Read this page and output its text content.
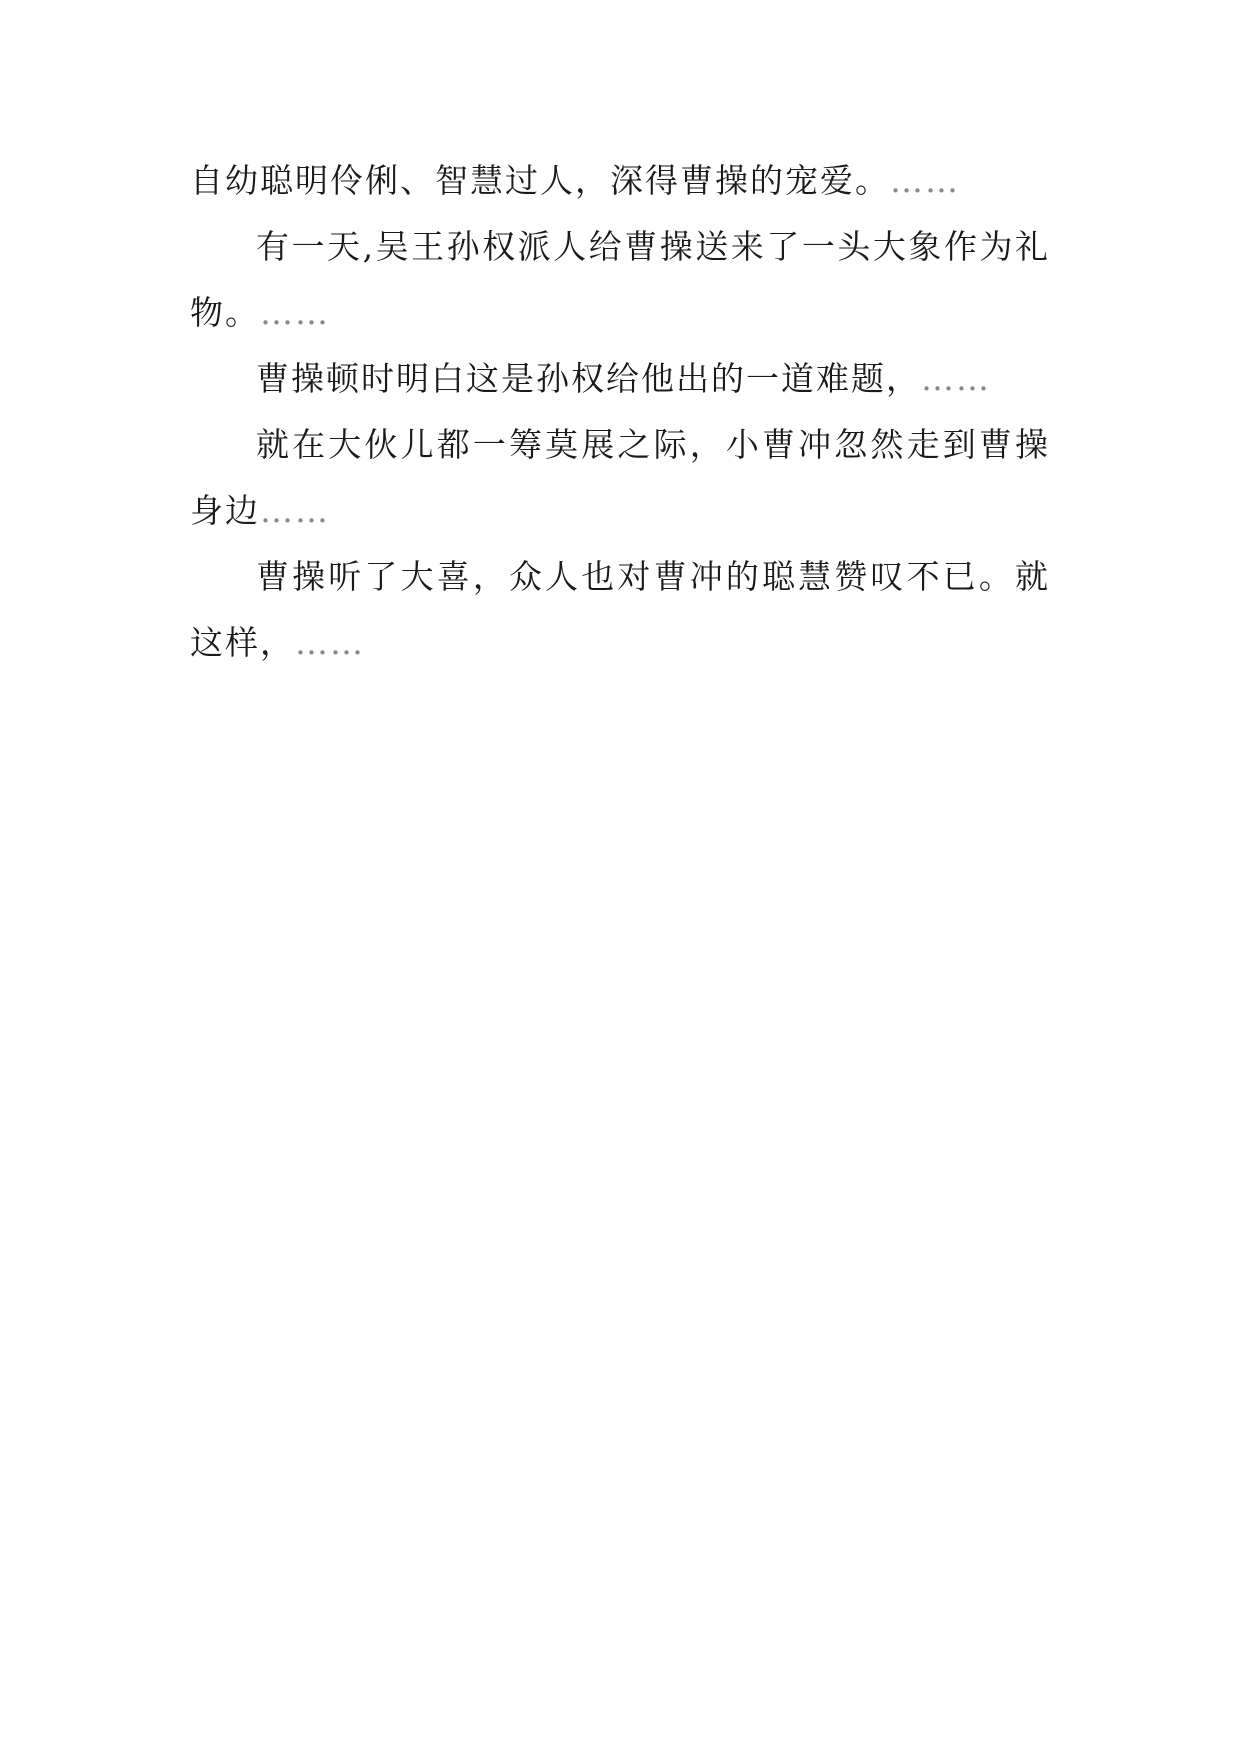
自幼聪明伶俐、智慧过人，深得曹操的宠爱。……

有一天,吴王孙权派人给曹操送来了一头大象作为礼物。……

曹操顿时明白这是孙权给他出的一道难题，……

就在大伙儿都一筹莫展之际，小曹冲忽然走到曹操身边……

曹操听了大喜，众人也对曹冲的聪慧赞叹不已。就这样，……
